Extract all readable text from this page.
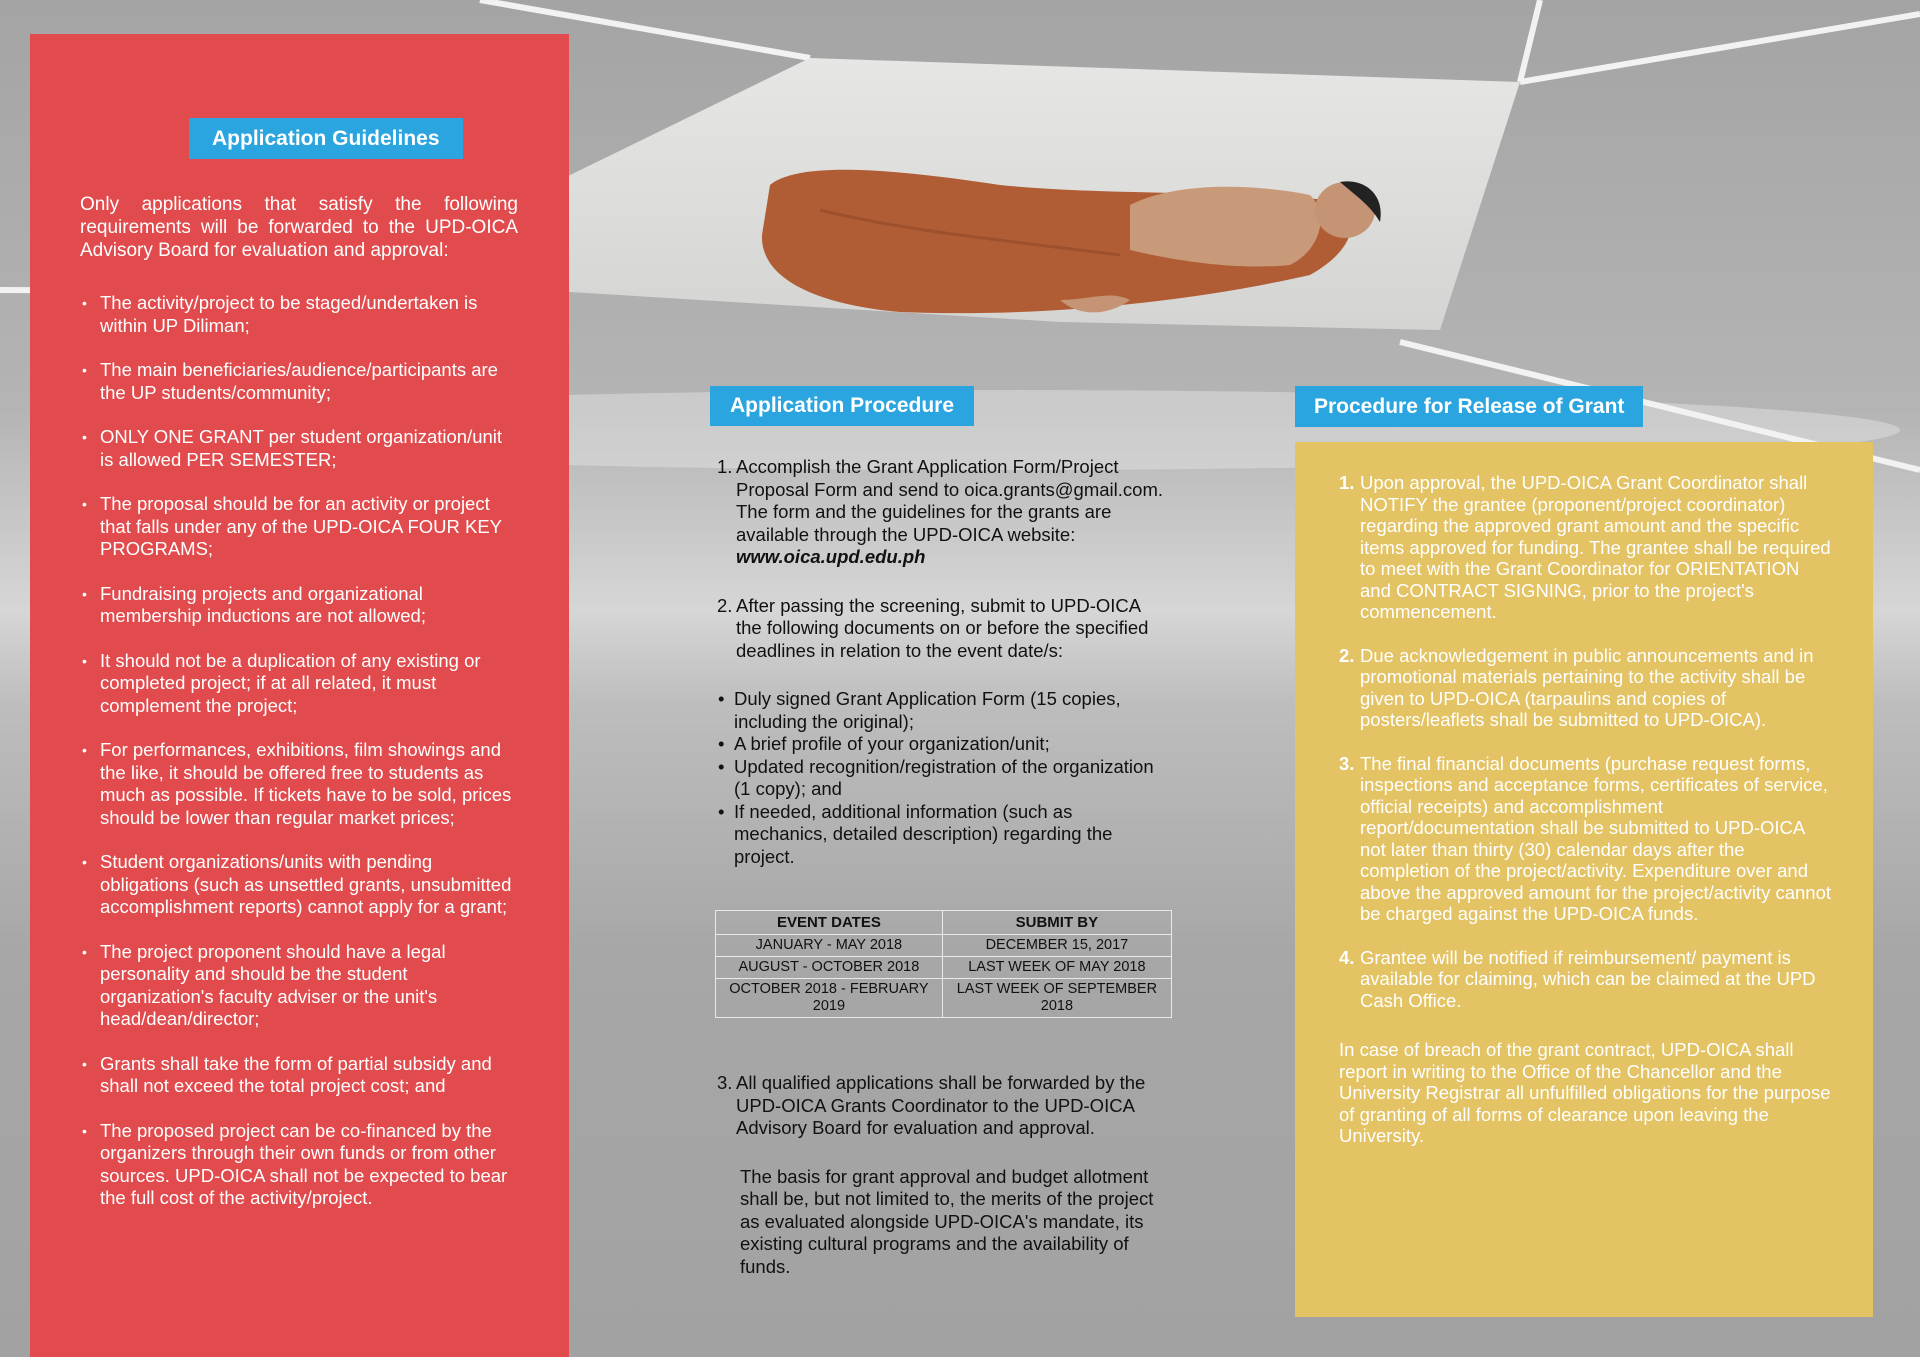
Application Guidelines

Only applications that satisfy the following requirements will be forwarded to the UPD-OICA Advisory Board for evaluation and approval:

• The activity/project to be staged/undertaken is within UP Diliman;
• The main beneficiaries/audience/participants are the UP students/community;
• ONLY ONE GRANT per student organization/unit is allowed PER SEMESTER;
• The proposal should be for an activity or project that falls under any of the UPD-OICA FOUR KEY PROGRAMS;
• Fundraising projects and organizational membership inductions are not allowed;
• It should not be a duplication of any existing or completed project; if at all related, it must complement the project;
• For performances, exhibitions, film showings and the like, it should be offered free to students as much as possible. If tickets have to be sold, prices should be lower than regular market prices;
• Student organizations/units with pending obligations (such as unsettled grants, unsubmitted accomplishment reports) cannot apply for a grant;
• The project proponent should have a legal personality and should be the student organization's faculty adviser or the unit's head/dean/director;
• Grants shall take the form of partial subsidy and shall not exceed the total project cost; and
• The proposed project can be co-financed by the organizers through their own funds or from other sources. UPD-OICA shall not be expected to bear the full cost of the activity/project.
Application Procedure
1. Accomplish the Grant Application Form/Project Proposal Form and send to oica.grants@gmail.com. The form and the guidelines for the grants are available through the UPD-OICA website: www.oica.upd.edu.ph
2. After passing the screening, submit to UPD-OICA the following documents on or before the specified deadlines in relation to the event date/s:
• Duly signed Grant Application Form (15 copies, including the original);
• A brief profile of your organization/unit;
• Updated recognition/registration of the organization (1 copy); and
• If needed, additional information (such as mechanics, detailed description) regarding the project.
EVENT DATES	SUBMIT BY
JANUARY - MAY 2018	DECEMBER 15, 2017
AUGUST - OCTOBER 2018	LAST WEEK OF MAY 2018
OCTOBER 2018 - FEBRUARY 2019	LAST WEEK OF SEPTEMBER 2018
3. All qualified applications shall be forwarded by the UPD-OICA Grants Coordinator to the UPD-OICA Advisory Board for evaluation and approval.

The basis for grant approval and budget allotment shall be, but not limited to, the merits of the project as evaluated alongside UPD-OICA's mandate, its existing cultural programs and the availability of funds.

Procedure for Release of Grant
1. Upon approval, the UPD-OICA Grant Coordinator shall NOTIFY the grantee (proponent/project coordinator) regarding the approved grant amount and the specific items approved for funding. The grantee shall be required to meet with the Grant Coordinator for ORIENTATION and CONTRACT SIGNING, prior to the project's commencement.
2. Due acknowledgement in public announcements and in promotional materials pertaining to the activity shall be given to UPD-OICA (tarpaulins and copies of posters/leaflets shall be submitted to UPD-OICA).
3. The final financial documents (purchase request forms, inspections and acceptance forms, certificates of service, official receipts) and accomplishment report/documentation shall be submitted to UPD-OICA not later than thirty (30) calendar days after the completion of the project/activity. Expenditure over and above the approved amount for the project/activity cannot be charged against the UPD-OICA funds.
4. Grantee will be notified if reimbursement/ payment is available for claiming, which can be claimed at the UPD Cash Office.

In case of breach of the grant contract, UPD-OICA shall report in writing to the Office of the Chancellor and the University Registrar all unfulfilled obligations for the purpose of granting of all forms of clearance upon leaving the University.
